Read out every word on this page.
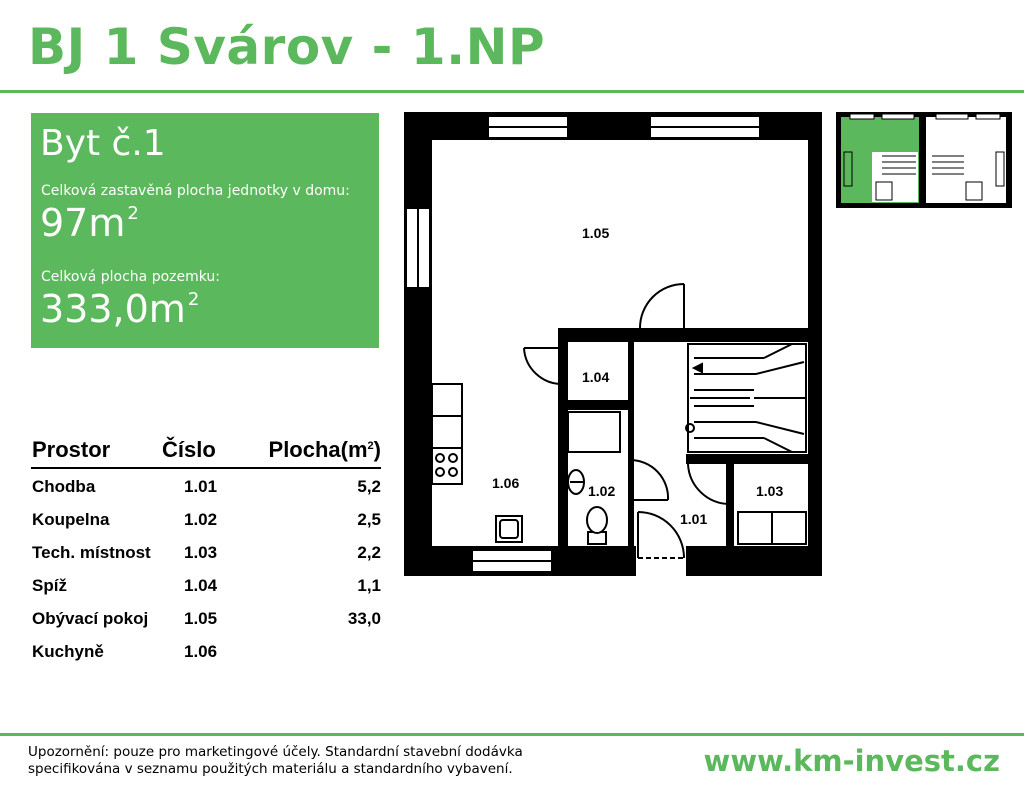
BJ 1 Svárov - 1.NP
Byt č.1
Celková zastavěná plocha jednotky v domu:
97m $^2$
Celková plocha pozemku:
333,0m $^2$
Prostor Číslo $Plocha(m^2)$
Chodba	1.01	5,2
Koupelna	1.02	2,5
Tech. místnost 1.03	2,2
Spíž	1.04	1,1
Obývací pokoj 1.05	33,0
Kuchyně	1.06
1.05
1.04
1.06	1.02
1.01
1.03
Upozornění: pouze pro marketingové účely. Standardní stavební dodávka
specifikována v seznamu použitých materiálu a standardního vybavení.	www.km-invest.cz
